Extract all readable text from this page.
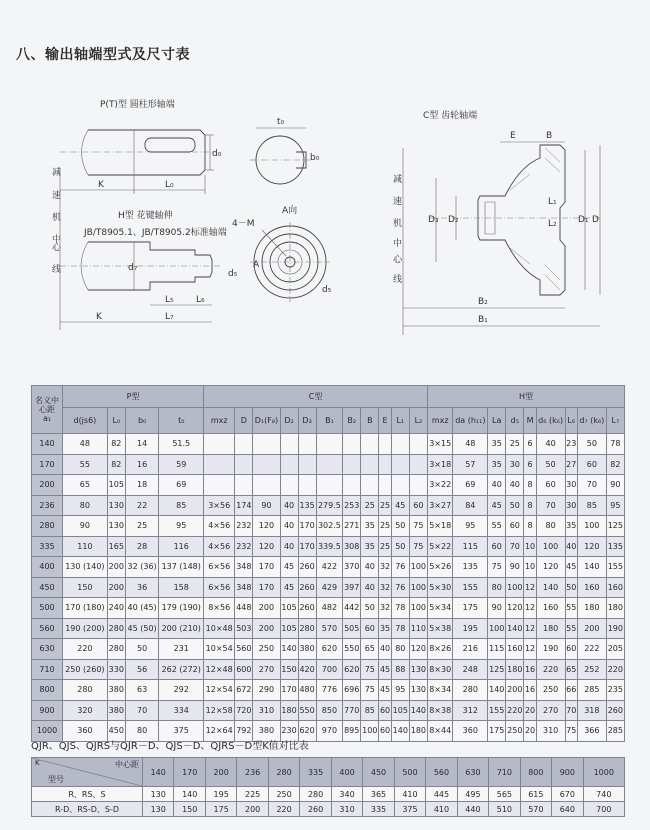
八、输出轴端型式及尺寸表
P(T)型 圆柱形轴端
d₀
K	L₀
t₀
b₀
减
速
机
中
心
线
H型 花键轴伸
JB/T8905.1、JB/T8905.2标准轴端
d₇
L₅ L₆
K	L₇
A向
4－M
A
d₅
d₅
C型 齿轮轴端
减
速
机
中
心
线
E	B
D₃ D₂	D₁ D
L₁
L₂
B₂
B₁
名义中心距
a₁	P型				C型											H型								
	d(js6)	L₀	b₀	t₀	mxz	D	D₁(F₈)	D₂	D₃	B₁	B₂	B	E	L₁	L₂	mxz	da (h₁₁)	La	d₅	M	d₆ (k₆)	L₆	d₇ (k₆)	L₇
140	48	82	14	51.5												3×15	48	35	25	6	40	23	50	78
170	55	82	16	59												3×18	57	35	30	6	50	27	60	82
200	65	105	18	69												3×22	69	40	40	8	60	30	70	90
236	80	130	22	85	3×56	174	90	40	135	279.5	253	25	25	45	60	3×27	84	45	50	8	70	30	85	95
280	90	130	25	95	4×56	232	120	40	170	302.5	271	35	25	50	75	5×18	95	55	60	8	80	35	100	125
335	110	165	28	116	4×56	232	120	40	170	339.5	308	35	25	50	75	5×22	115	60	70	10	100	40	120	135
400	130 (140)	200	32 (36)	137 (148)	6×56	348	170	45	260	422	370	40	32	76	100	5×26	135	75	90	10	120	45	140	155
450	150	200	36	158	6×56	348	170	45	260	429	397	40	32	76	100	5×30	155	80	100	12	140	50	160	160
500	170 (180)	240	40 (45)	179 (190)	8×56	448	200	105	260	482	442	50	32	78	100	5×34	175	90	120	12	160	55	180	180
560	190 (200)	280	45 (50)	200 (210)	10×48	503	200	105	280	570	505	60	35	78	110	5×38	195	100	140	12	180	55	200	190
630	220	280	50	231	10×54	560	250	140	380	620	550	65	40	80	120	8×26	216	115	160	12	190	60	222	205
710	250 (260)	330	56	262 (272)	12×48	600	270	150	420	700	620	75	45	88	130	8×30	248	125	180	16	220	65	252	220
800	280	380	63	292	12×54	672	290	170	480	776	696	75	45	95	130	8×34	280	140	200	16	250	66	285	235
900	320	380	70	334	12×58	720	310	180	550	850	770	85	60	105	140	8×38	312	155	220	20	270	70	318	260
1000	360	450	80	375	12×64	792	380	230	620	970	895	100	60	140	180	8×44	360	175	250	20	310	75	366	285
QJR、QJS、QJRS与QJR－D、QJS－D、QJRS－D型K值对比表
K 中心距
型号	140	170	200	236	280	335	400	450	500	560	630	710	800	900	1000
R、RS、S	130	140	195	225	250	280	340	365	410	445	495	565	615	670	740
R-D、RS-D、S-D	130	150	175	200	220	260	310	335	375	410	440	510	570	640	700
